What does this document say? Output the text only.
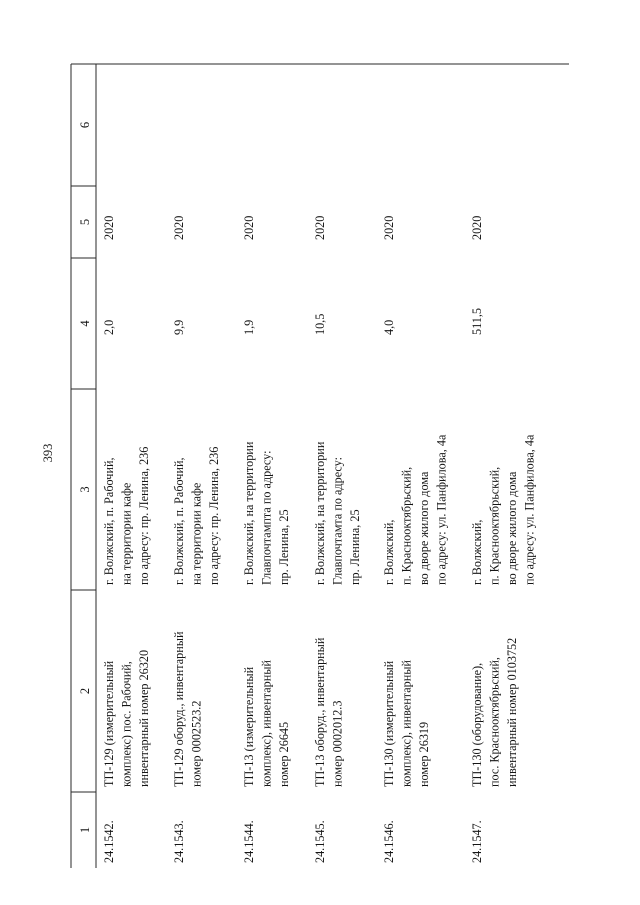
393
1
2
3
4
5
6
24.1542.
ТП-129 (измерительный комплекс) пос. Рабочий, инвентарный номер 26320
г. Волжский, п. Рабочий, на территории кафе по адресу: пр. Ленина, 236
2,0
2020
24.1543.
ТП-129 оборуд., инвентарный номер 0002523.2
г. Волжский, п. Рабочий, на территории кафе по адресу: пр. Ленина, 236
9,9
2020
24.1544.
ТП-13 (измерительный комплекс), инвентарный номер 26645
г. Волжский, на территории Главпочтампта по адресу: пр. Ленина, 25
1,9
2020
24.1545.
ТП-13 оборуд., инвентарный номер 0002012.3
г. Волжский, на территории Главпочтамта по адресу: пр. Ленина, 25
10,5
2020
24.1546.
ТП-130 (измерительный комплекс), инвентарный номер 26319
г. Волжский, п. Краснооктябрьский, во дворе жилого дома по адресу: ул. Панфилова, 4а
4,0
2020
24.1547.
ТП-130 (оборудование), пос. Краснооктябрьский, инвентарный номер 0103752
г. Волжский, п. Краснооктябрьский, во дворе жилого дома по адресу: ул. Панфилова, 4а
511,5
2020
